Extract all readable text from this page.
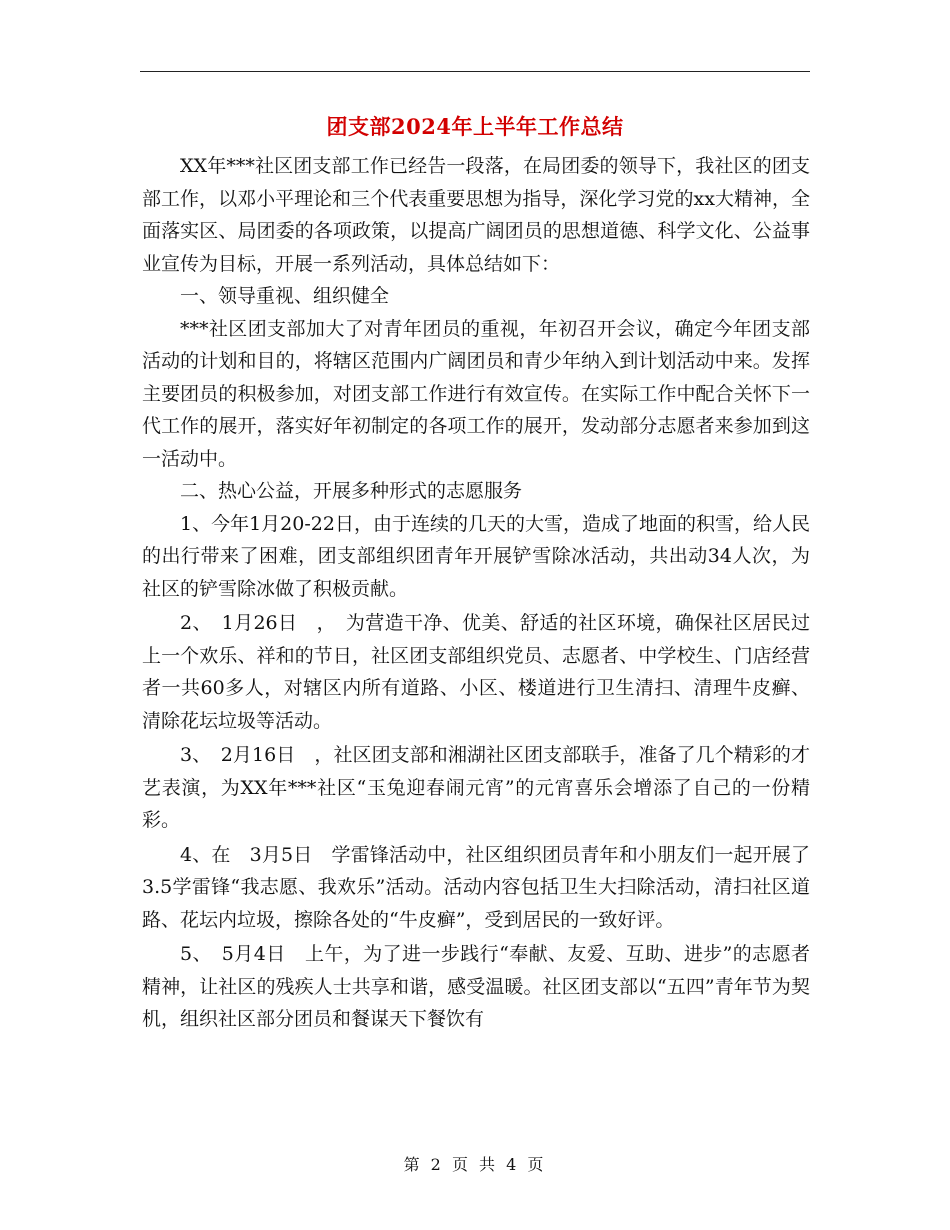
团支部2024年上半年工作总结

XX年***社区团支部工作已经告一段落，在局团委的领导下，我社区的团支部工作，以邓小平理论和三个代表重要思想为指导，深化学习党的xx大精神，全面落实区、局团委的各项政策，以提高广阔团员的思想道德、科学文化、公益事业宣传为目标，开展一系列活动，具体总结如下：

一、领导重视、组织健全

***社区团支部加大了对青年团员的重视，年初召开会议，确定今年团支部活动的计划和目的，将辖区范围内广阔团员和青少年纳入到计划活动中来。发挥主要团员的积极参加，对团支部工作进行有效宣传。在实际工作中配合关怀下一代工作的展开，落实好年初制定的各项工作的展开，发动部分志愿者来参加到这一活动中。

二、热心公益，开展多种形式的志愿服务

1、今年1月20-22日，由于连续的几天的大雪，造成了地面的积雪，给人民的出行带来了困难，团支部组织团青年开展铲雪除冰活动，共出动34人次，为社区的铲雪除冰做了积极贡献。

2、　1月26日　，　为营造干净、优美、舒适的社区环境，确保社区居民过上一个欢乐、祥和的节日，社区团支部组织党员、志愿者、中学校生、门店经营者一共60多人，对辖区内所有道路、小区、楼道进行卫生清扫、清理牛皮癣、清除花坛垃圾等活动。

3、　2月16日　，社区团支部和湘湖社区团支部联手，准备了几个精彩的才艺表演，为XX年***社区“玉兔迎春闹元宵”的元宵喜乐会增添了自己的一份精彩。

4、在　3月5日　学雷锋活动中，社区组织团员青年和小朋友们一起开展了3.5学雷锋“我志愿、我欢乐”活动。活动内容包括卫生大扫除活动，清扫社区道路、花坛内垃圾，擦除各处的“牛皮癣”，受到居民的一致好评。

5、　5月4日　上午，为了进一步践行“奉献、友爱、互助、进步”的志愿者精神，让社区的残疾人士共享和谐，感受温暖。社区团支部以“五四”青年节为契机，组织社区部分团员和餐谋天下餐饮有

第 2 页 共 4 页
